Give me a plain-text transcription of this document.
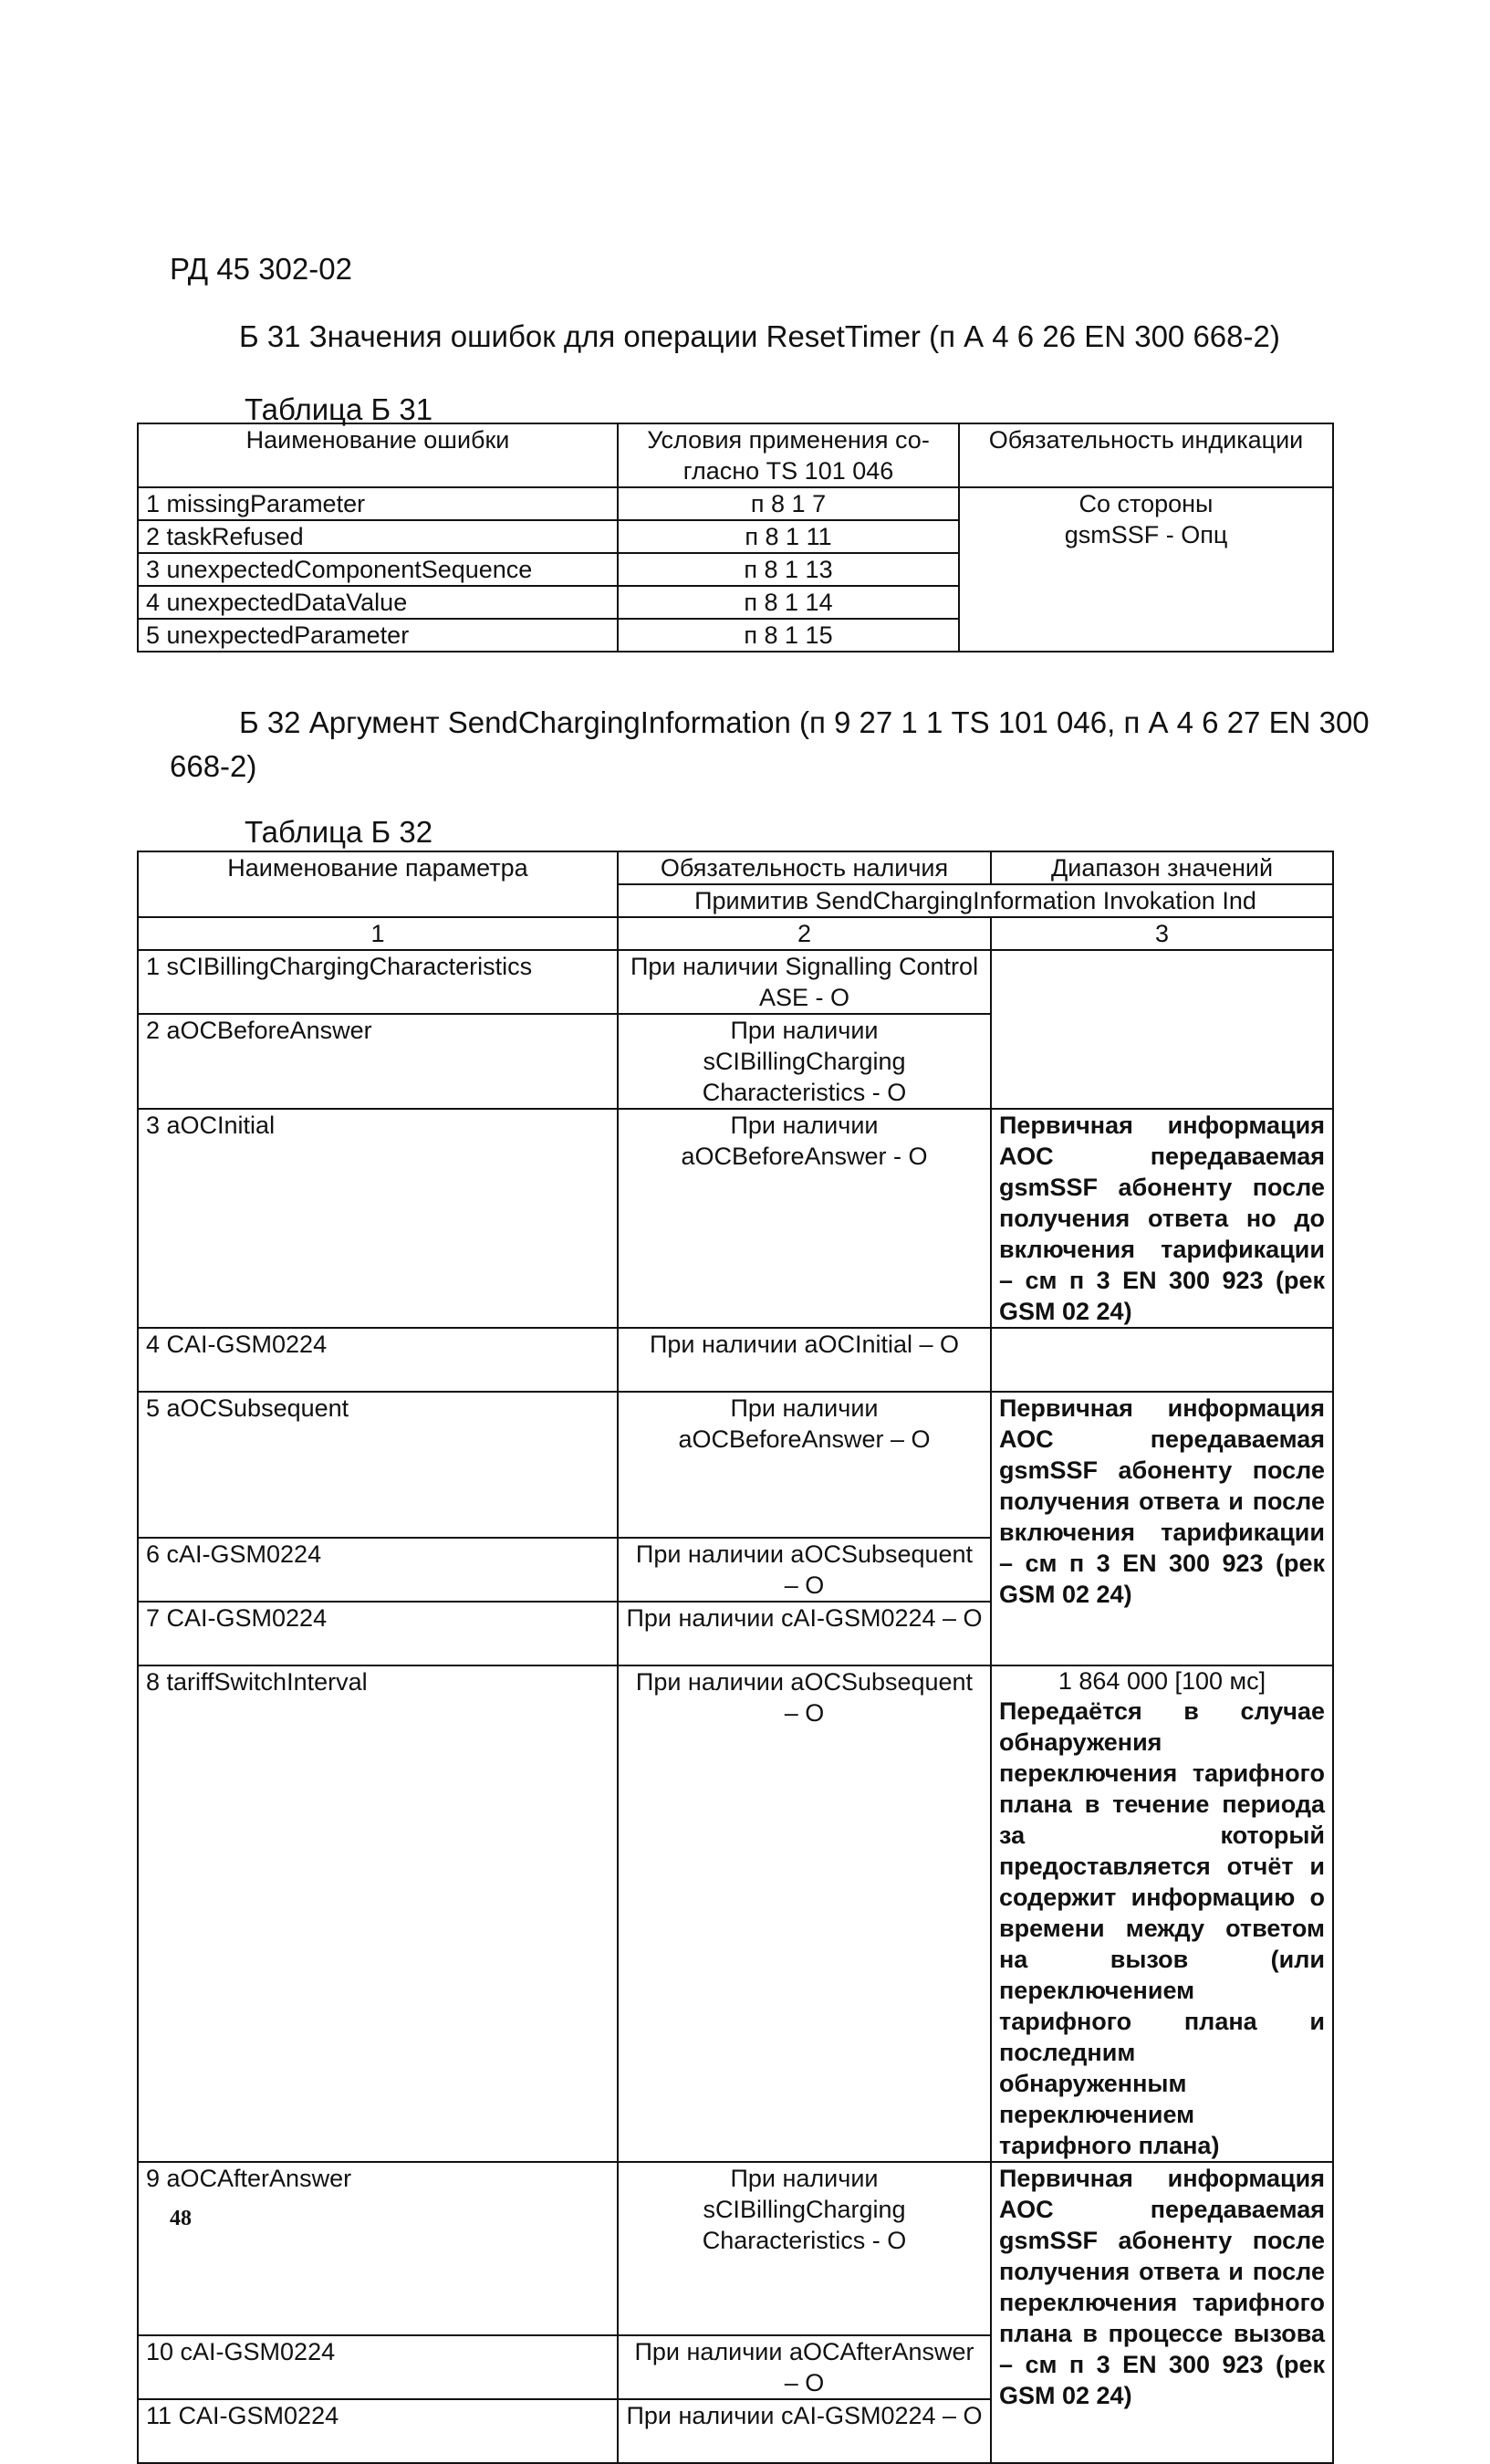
РД 45 302-02
Б 31 Значения ошибок для операции ResetTimer (п А 4 6 26 EN 300 668-2)
Таблица Б 31
Наименование ошибки	Условия применения со-гласно TS 101 046	Обязательность индикации
1 missingParameter	п 8 1 7	Со стороны gsmSSF - Опц
2 taskRefused	п 8 1 11	
3 unexpectedComponentSequence	п 8 1 13	
4 unexpectedDataValue	п 8 1 14	
5 unexpectedParameter	п 8 1 15	
Б 32 Аргумент SendChargingInformation (п 9 27 1 1 TS 101 046, п А 4 6 27 EN 300 668-2)
Таблица Б 32
Наименование параметра	Обязательность наличия	Диапазон значений
	Примитив SendChargingInformation Invokation Ind	
1	2	3
1 sCIBillingChargingCharacteristics	При наличии Signalling Control ASE - О	
2 aOCBeforeAnswer	При наличии sCIBillingCharging Characteristics - О	
3 aOCInitial	При наличии aOCBeforeAnswer - О	Первичная информация АОС передаваемая gsmSSF абоненту после получения ответа но до включения тарификации – см п 3 EN 300 923 (рек GSM 02 24)
4 CAI-GSM0224	При наличии aOCInitial – О	
5 aOCSubsequent	При наличии aOCBeforeAnswer – О	Первичная информация АОС передаваемая gsmSSF абоненту после получения ответа и после включения тарификации – см п 3 EN 300 923 (рек GSM 02 24)
6 cAI-GSM0224	При наличии aOCSubsequent – О	
7 CAI-GSM0224	При наличии cAI-GSM0224 – О	
8 tariffSwitchInterval	При наличии aOCSubsequent – О	1 864 000 [100 мс]
Передаётся в случае обнаружения переключения тарифного плана в течение периода за который предоставляется отчёт и содержит информацию о времени между ответом на вызов (или переключением тарифного плана и последним обнаруженным переключением тарифного плана)
9 aOCAfterAnswer	При наличии sCIBillingCharging Characteristics - О	Первичная информация АОС передаваемая gsmSSF абоненту после получения ответа и после переключения тарифного плана в процессе вызова – см п 3 EN 300 923 (рек GSM 02 24)
10 cAI-GSM0224	При наличии aOCAfterAnswer – О	
11 CAI-GSM0224	При наличии cAI-GSM0224 – О	
48
